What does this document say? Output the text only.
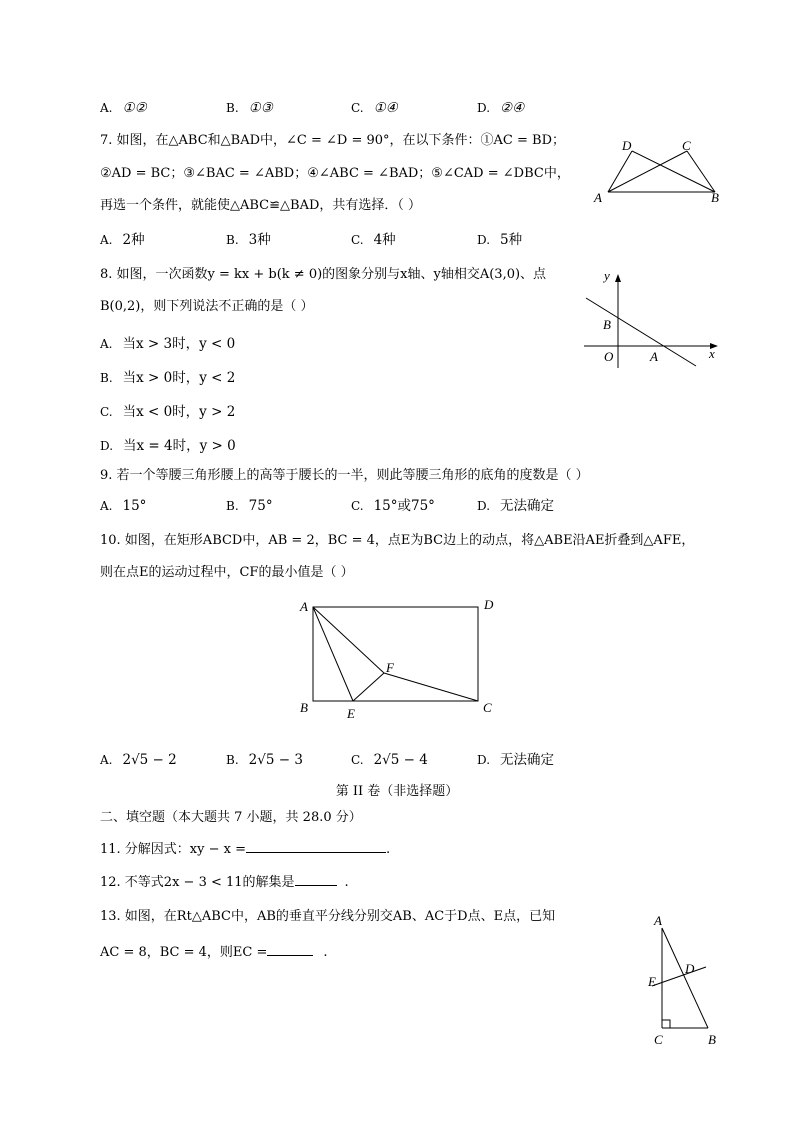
A. ①②	B. ①③	C. ①④	D. ②④
7. 如图，在△ABC和△BAD中，∠C = ∠D = 90°，在以下条件：①AC = BD；
②AD = BC；③∠BAC = ∠ABD；④∠ABC = ∠BAD；⑤∠CAD = ∠DBC中，
再选一个条件，就能使△ABC≌△BAD，共有选择．（ ）
D	C
A	B
A. 2种	B. 3种	C. 4种	D. 5种
8. 如图，一次函数y = kx + b(k ≠ 0)的图象分别与x轴、y轴相交A(3,0)、点
B(0,2)，则下列说法不正确的是（ ）
y
x
B
O	A
A. 当x > 3时，y < 0
B. 当x > 0时，y < 2
C. 当x < 0时，y > 2
D. 当x = 4时，y > 0
9. 若一个等腰三角形腰上的高等于腰长的一半，则此等腰三角形的底角的度数是（ ）
A. 15°	B. 75°	C. 15°或75°	D. 无法确定
10. 如图，在矩形ABCD中，AB = 2，BC = 4，点E为BC边上的动点，将△ABE沿AE折叠到△AFE，
则在点E的运动过程中，CF的最小值是（ ）
A	D
F
B	E	C
A. 2√5 − 2	B. 2√5 − 3	C. 2√5 − 4	D. 无法确定
第 II 卷（非选择题）
二、填空题（本大题共 7 小题，共 28.0 分）
11. 分解因式：xy − x =	.
12. 不等式2x − 3 < 11的解集是	.
13. 如图，在Rt△ABC中，AB的垂直平分线分别交AB、AC于D点、E点，已知
AC = 8，BC = 4，则EC =	.
A
D
E
C	B
